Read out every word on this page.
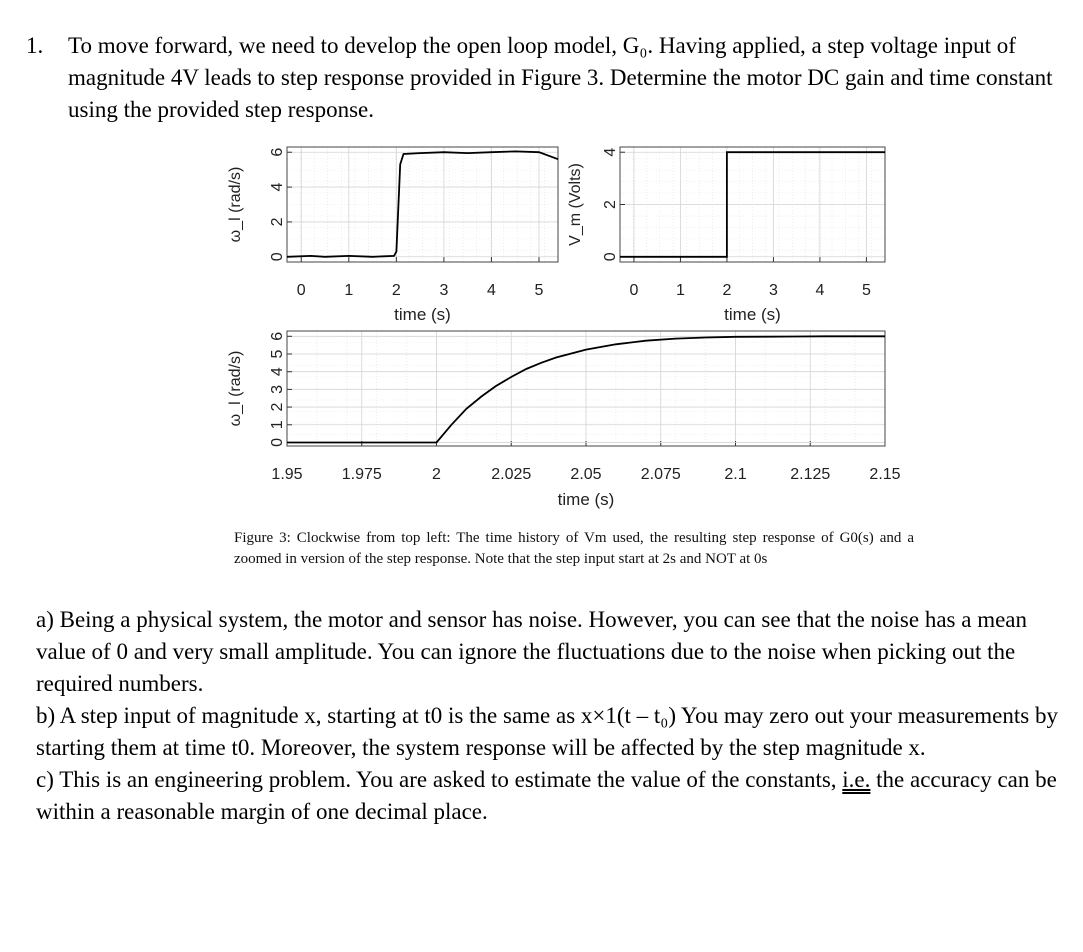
1. To move forward, we need to develop the open loop model, G₀. Having applied, a step voltage input of magnitude 4V leads to step response provided in Figure 3. Determine the motor DC gain and time constant using the provided step response.
0 1 2 3 4 5
0
2
4
6
time (s)
ω_l (rad/s)
0 1 2 3 4 5
0
2
4
time (s)
V_m (Volts)
1.95 1.975	2	2.025 2.05 2.075	2.1	2.125 2.15
0
1
2
3
4
5
6
time (s)
ω_l (rad/s)
Figure 3: Clockwise from top left: The time history of Vm used, the resulting step response of G0(s) and a zoomed in version of the step response. Note that the step input start at 2s and NOT at 0s

a) Being a physical system, the motor and sensor has noise. However, you can see that the noise has a mean value of 0 and very small amplitude. You can ignore the fluctuations due to the noise when picking out the required numbers.

b) A step input of magnitude x, starting at t0 is the same as x×1(t – t₀) You may zero out your measurements by starting them at time t0. Moreover, the system response will be affected by the step magnitude x.

c) This is an engineering problem. You are asked to estimate the value of the constants, i.e. the accuracy can be within a reasonable margin of one decimal place.
